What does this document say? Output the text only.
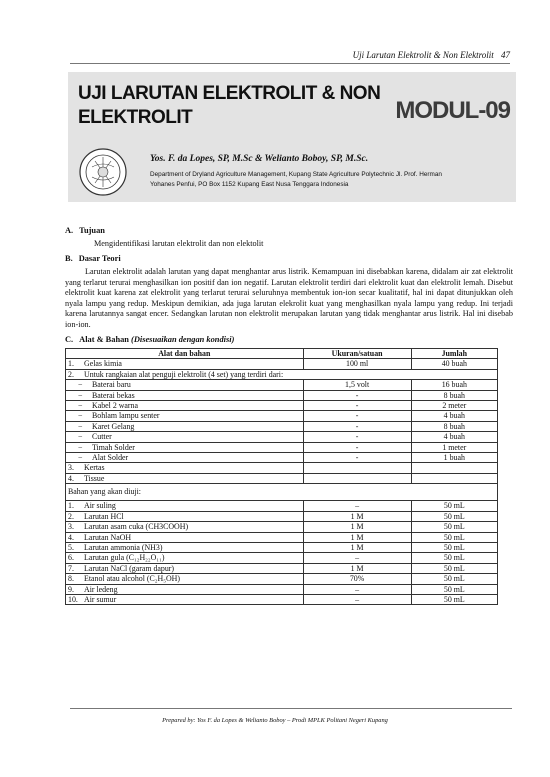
Uji Larutan Elektrolit & Non Elektrolit 47
UJI LARUTAN ELEKTROLIT & NON
ELEKTROLIT	MODUL-09
Yos. F. da Lopes, SP, M.Sc & Welianto Boboy, SP, M.Sc.
Department of Dryland Agriculture Management, Kupang State Agriculture Polytechnic Jl. Prof. Herman
Yohanes Penfui, PO Box 1152 Kupang East Nusa Tenggara Indonesia
A. Tujuan

Mengidentifikasi larutan elektrolit dan non elektolit

B. Dasar Teori

Larutan elektrolit adalah larutan yang dapat menghantar arus listrik. Kemampuan ini disebabkan karena, didalam air zat elektrolit yang terlarut terurai menghasilkan ion positif dan ion negatif. Larutan elektrolit terdiri dari elektrolit kuat dan elektrolit lemah. Disebut elektrolit kuat karena zat elektrolit yang terlarut terurai seluruhnya membentuk ion-ion secar kualitatif, hal ini dapat ditunjukkan oleh nyala lampu yang redup. Meskipun demikian, ada juga larutan elekrolit kuat yang menghasilkan nyala lampu yang redup. Ini terjadi karena larutannya sangat encer. Sedangkan larutan non elektrolit merupakan larutan yang tidak menghantar arus listrik. Hal ini disebab ion-ion.

C. Alat & Bahan (Disesuaikan dengan kondisi)
Alat dan bahan	Ukuran/satuan	Jumlah
1. Gelas kimia	100 ml	40 buah
2. Untuk rangkaian alat penguji elektrolit (4 set) yang terdiri dari:		
− Baterai baru	1,5 volt	16 buah
− Baterai bekas	-	8 buah
− Kabel 2 warna	-	2 meter
− Bohlam lampu senter	-	4 buah
− Karet Gelang	-	8 buah
− Cutter	-	4 buah
− Timah Solder	-	1 meter
− Alat Solder	-	1 buah
3. Kertas		
4. Tissue		
Bahan yang akan diuji:		
1. Air suling	–	50 mL
2. Larutan HCl	1 M	50 mL
3. Larutan asam cuka (CH3COOH)	1 M	50 mL
4. Larutan NaOH	1 M	50 mL
5. Larutan ammonia (NH3)	1 M	50 mL
6. Larutan gula (C₁₂H₂₂O₁₁)	–	50 mL
7. Larutan NaCl (garam dapur)	1 M	50 mL
8. Etanol atau alcohol (C₂H₅OH)	70%	50 mL
9. Air ledeng	–	50 mL
10. Air sumur	–	50 mL
Prepared by: Yos F. da Lopes & Welianto Boboy – Prodi MPLK Politani Negeri Kupang
